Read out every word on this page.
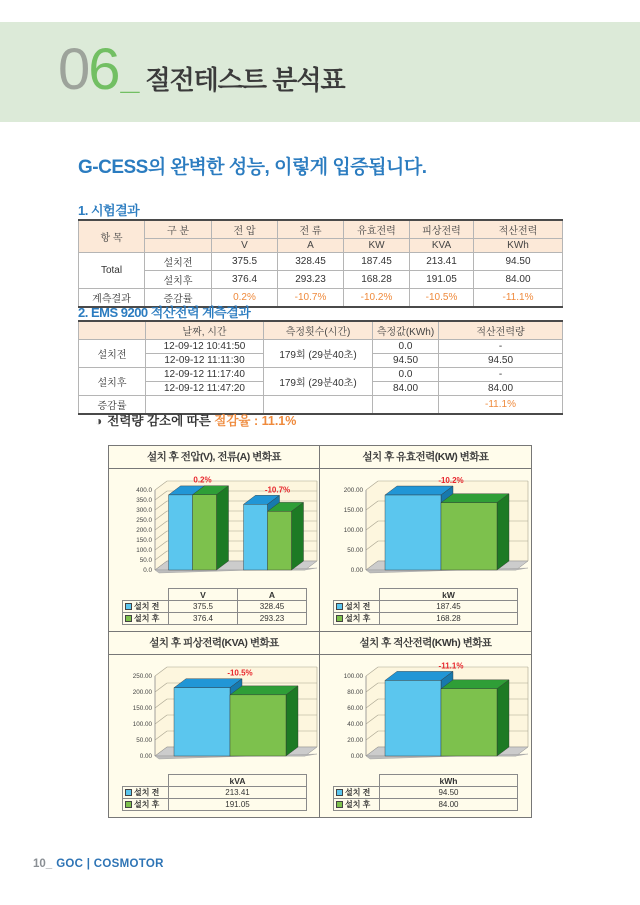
0 6 _ 절전테스트 분석표
G-CESS의 완벽한 성능, 이렇게 입증됩니다.
1. 시험결과
항 목	구 분	전 압	전 류	유효전력	피상전력	적산전력
		V	A	KW	KVA	KWh
Total	설치전	375.5	328.45	187.45	213.41	94.50
	설치후	376.4	293.23	168.28	191.05	84.00
계측결과	증감률	0.2%	-10.7%	-10.2%	-10.5%	-11.1%
2. EMS 9200 적산전력 계측결과
	날짜, 시간	측정횟수(시간)	측정값(KWh)	적산전력량
설치전	12-09-12 10:41:50	179회 (29분40초)	0.0	-
	12-09-12 11:11:30		94.50	94.50
설치후	12-09-12 11:17:40	179회 (29분40초)	0.0	-
	12-09-12 11:47:20		84.00	84.00
증감률				-11.1%
◑ 전력량 감소에 따른 절감율 : 11.1%
설치 후 전압(V), 전류(A) 변화표
0.0
50.0
100.0
150.0
200.0
250.0
300.0
350.0
400.0
0.2%
-10.7%
	V	A
설치 전	375.5	328.45
설치 후	376.4	293.23
설치 후 유효전력(KW) 변화표
0.00
50.00
100.00
150.00
200.00
-10.2%
	kW
설치 전	187.45
설치 후	168.28
설치 후 피상전력(KVA) 변화표
0.00
50.00
100.00
150.00
200.00
250.00	-10.5%
	kVA
설치 전	213.41
설치 후	191.05
설치 후 적산전력(KWh) 변화표
0.00
20.00
40.00
60.00
80.00
100.00
-11.1%
	kWh
설치 전	94.50
설치 후	84.00
10_ GOC | COSMOTOR
